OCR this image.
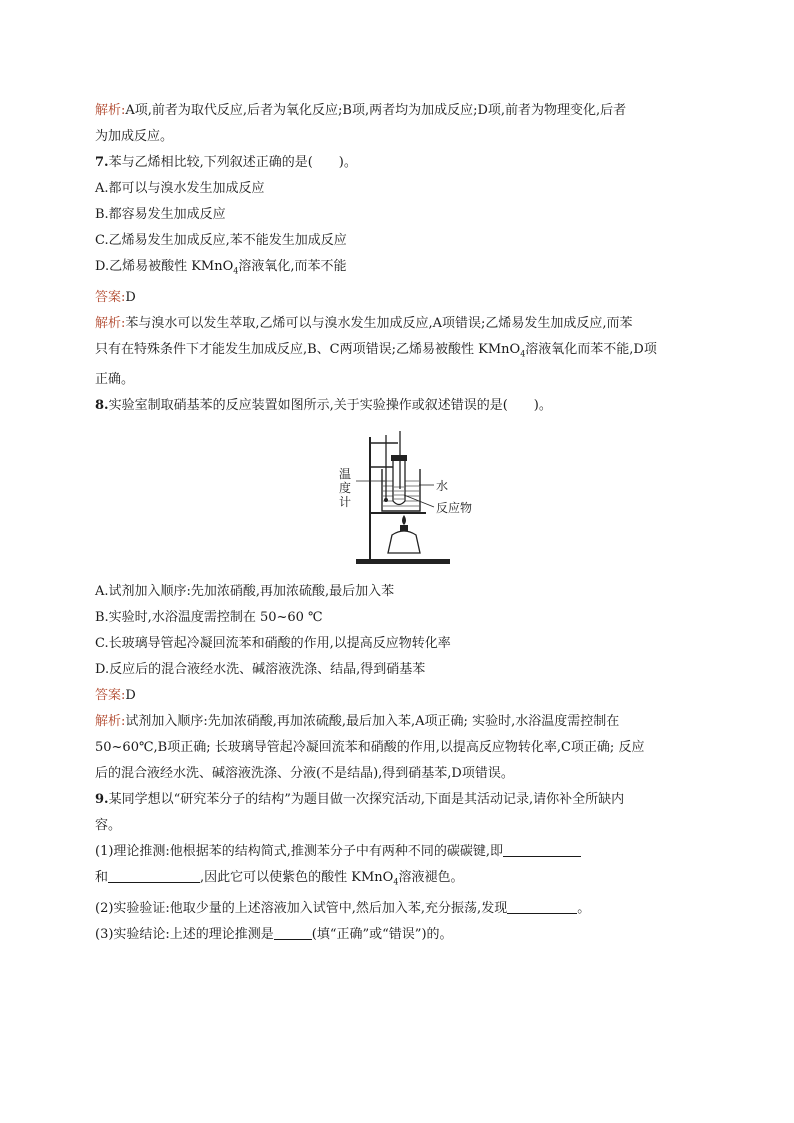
解析:A项,前者为取代反应,后者为氧化反应;B项,两者均为加成反应;D项,前者为物理变化,后者
为加成反应。
7.苯与乙烯相比较,下列叙述正确的是(　　)。
A.都可以与溴水发生加成反应
B.都容易发生加成反应
C.乙烯易发生加成反应,苯不能发生加成反应
D.乙烯易被酸性 KMnO$_4$溶液氧化,而苯不能
答案:D
解析:苯与溴水可以发生萃取,乙烯可以与溴水发生加成反应,A项错误;乙烯易发生加成反应,而苯
只有在特殊条件下才能发生加成反应,B、C两项错误;乙烯易被酸性 KMnO$_4$溶液氧化而苯不能,D项
正确。
8.实验室制取硝基苯的反应装置如图所示,关于实验操作或叙述错误的是(　　)。
温
度
计
水
反应物
A.试剂加入顺序:先加浓硝酸,再加浓硫酸,最后加入苯
B.实验时,水浴温度需控制在 50~60 ℃
C.长玻璃导管起冷凝回流苯和硝酸的作用,以提高反应物转化率
D.反应后的混合液经水洗、碱溶液洗涤、结晶,得到硝基苯
答案:D
解析:试剂加入顺序:先加浓硝酸,再加浓硫酸,最后加入苯,A项正确; 实验时,水浴温度需控制在
50~60℃,B项正确; 长玻璃导管起冷凝回流苯和硝酸的作用,以提高反应物转化率,C项正确; 反应
后的混合液经水洗、碱溶液洗涤、分液(不是结晶),得到硝基苯,D项错误。
9.某同学想以“研究苯分子的结构”为题目做一次探究活动,下面是其活动记录,请你补全所缺内
容。
(1)理论推测:他根据苯的结构简式,推测苯分子中有两种不同的碳碳键,即
和	,因此它可以使紫色的酸性 KMnO$_4$溶液褪色。
(2)实验验证:他取少量的上述溶液加入试管中,然后加入苯,充分振荡,发现	。
(3)实验结论:上述的理论推测是	(填“正确”或“错误”)的。
